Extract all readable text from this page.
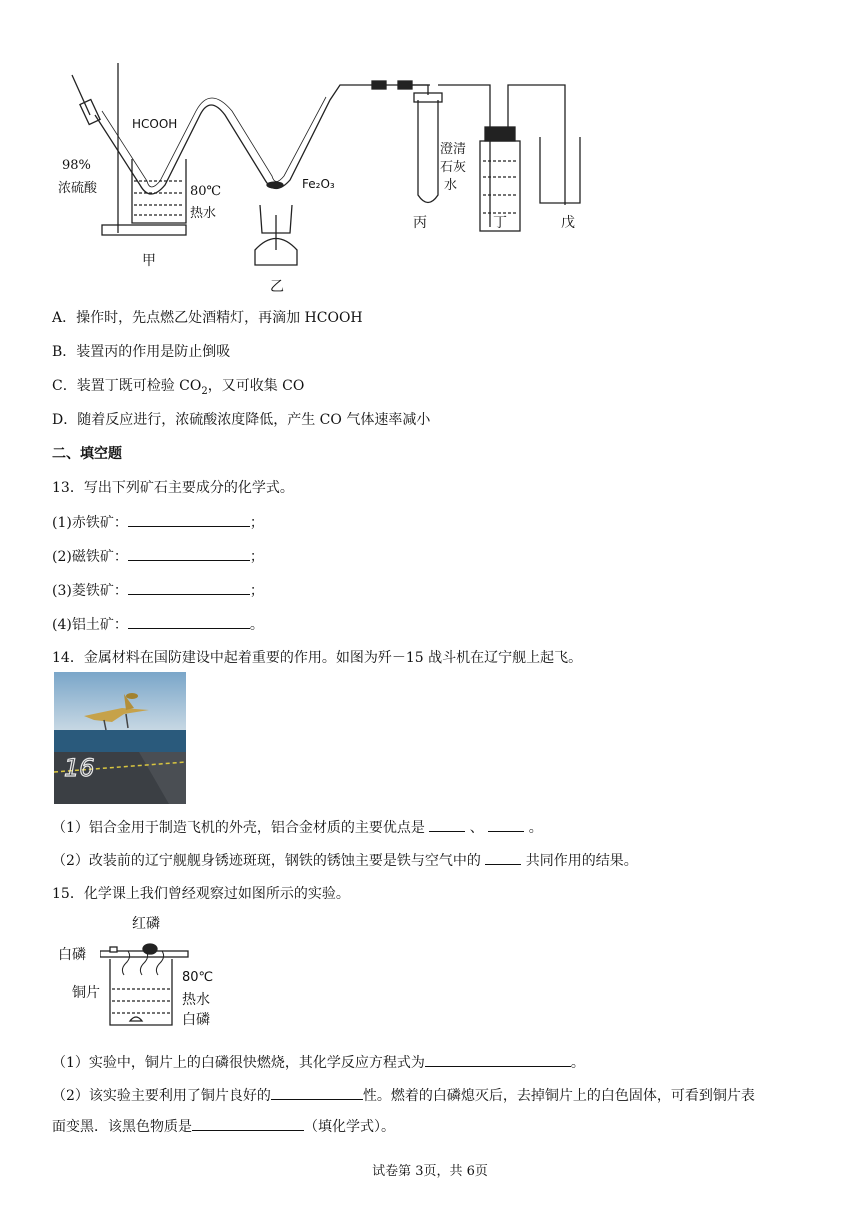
HCOOH
98%
浓硫酸	80℃
热水
Fe₂O₃
澄清
石灰
水
甲
乙
丙	丁	戊
A．操作时，先点燃乙处酒精灯，再滴加 HCOOH
B．装置丙的作用是防止倒吸
C．装置丁既可检验 $CO_2$，又可收集 CO
D．随着反应进行，浓硫酸浓度降低，产生 CO 气体速率减小
二、填空题
13．写出下列矿石主要成分的化学式。
(1)赤铁矿：	；
(2)磁铁矿：	；
(3)菱铁矿：	；
(4)铝土矿：	。
14．金属材料在国防建设中起着重要的作用。如图为歼－15 战斗机在辽宁舰上起飞。
16
（1）铝合金用于制造飞机的外壳，铝合金材质的主要优点是	、	。
（2）改装前的辽宁舰舰身锈迹斑斑，钢铁的锈蚀主要是铁与空气中的	共同作用的结果。
15．化学课上我们曾经观察过如图所示的实验。
红磷
白磷
铜片
80℃
热水
白磷
（1）实验中，铜片上的白磷很快燃烧，其化学反应方程式为	。
（2）该实验主要利用了铜片良好的	性。燃着的白磷熄灭后，去掉铜片上的白色固体，可看到铜片表
面变黑．该黑色物质是	（填化学式）。
试卷第 3页，共 6页
